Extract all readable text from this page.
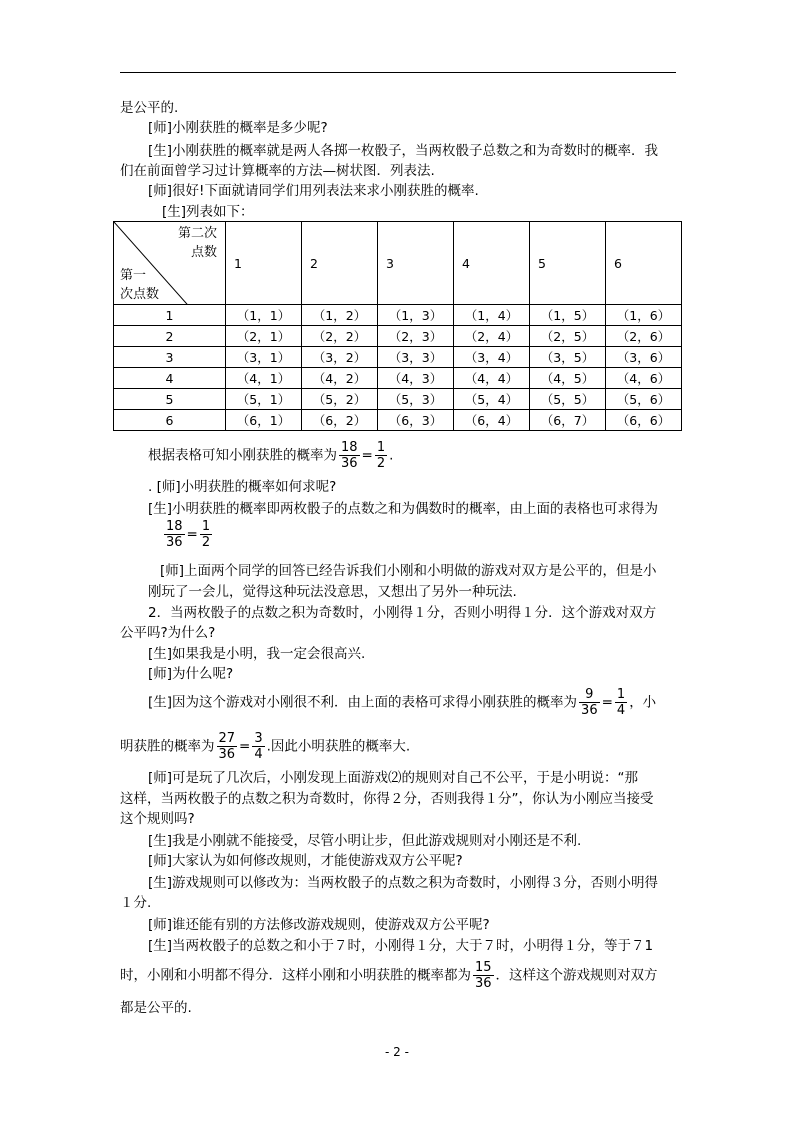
是公平的.
[师]小刚获胜的概率是多少呢?
[生]小刚获胜的概率就是两人各掷一枚骰子，当两枚骰子总数之和为奇数时的概率．我
们在前面曾学习过计算概率的方法—树状图．列表法.
[师]很好!下面就请同学们用列表法来求小刚获胜的概率.
[生]列表如下：
第二次
点数
第一
次点数	1	2	3	4	5	6
1	（1，1）	（1，2）	（1，3）	（1，4）	（1，5）	（1，6）
2	（2，1）	（2，2）	（2，3）	（2，4）	（2，5）	（2，6）
3	（3，1）	（3，2）	（3，3）	（3，4）	（3，5）	（3，6）
4	（4，1）	（4，2）	（4，3）	（4，4）	（4，5）	（4，6）
5	（5，1）	（5，2）	（5，3）	（5，4）	（5，5）	（5，6）
6	（6，1）	（6，2）	（6，3）	（6，4）	（6，7）	（6，6）
根据表格可知小刚获胜的概率为 $\frac{18}{36} = \frac{1}{2}$ .
. [师]小明获胜的概率如何求呢?
[生]小明获胜的概率即两枚骰子的点数之和为偶数时的概率，由上面的表格也可求得为
$\frac{18}{36} = \frac{1}{2}$
[师]上面两个同学的回答已经告诉我们小刚和小明做的游戏对双方是公平的，但是小
刚玩了一会儿，觉得这种玩法没意思，又想出了另外一种玩法.
2．当两枚骰子的点数之积为奇数时，小刚得１分，否则小明得１分．这个游戏对双方
公平吗?为什么?
[生]如果我是小明，我一定会很高兴.
[师]为什么呢?
[生]因为这个游戏对小刚很不利．由上面的表格可求得小刚获胜的概率为 $\frac{9}{36} = \frac{1}{4}$ ，小
明获胜的概率为 $\frac{27}{36} = \frac{3}{4}$ .因此小明获胜的概率大.
[师]可是玩了几次后，小刚发现上面游戏⑵的规则对自己不公平，于是小明说：“那
这样，当两枚骰子的点数之积为奇数时，你得２分，否则我得１分”，你认为小刚应当接受
这个规则吗?
[生]我是小刚就不能接受，尽管小明让步，但此游戏规则对小刚还是不利.
[师]大家认为如何修改规则，才能使游戏双方公平呢?
[生]游戏规则可以修改为：当两枚骰子的点数之积为奇数时，小刚得３分，否则小明得
１分.
[师]谁还能有别的方法修改游戏规则，使游戏双方公平呢?
[生]当两枚骰子的总数之和小于７时，小刚得１分，大于７时，小明得１分，等于７1
时，小刚和小明都不得分．这样小刚和小明获胜的概率都为 $\frac{15}{36}$ ．这样这个游戏规则对双方
都是公平的.
- 2 -
